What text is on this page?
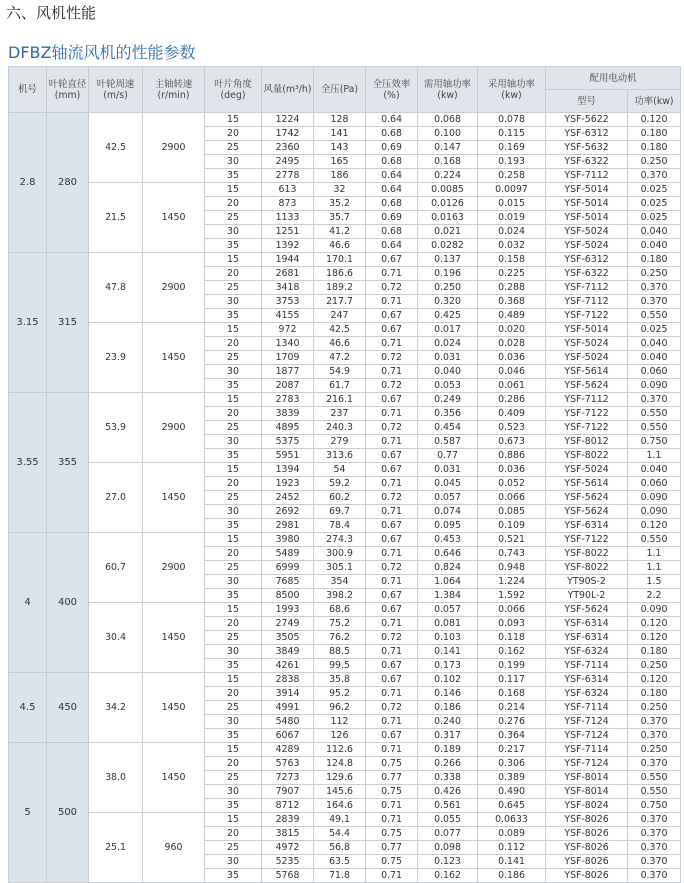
六、风机性能
DFBZ轴流风机的性能参数
机号	叶轮直径(mm)	叶轮周速(m/s)	主轴转速(r/min)	叶片角度(deg)	风量(m³/h)	全压(Pa)	全压效率(%)	需用轴功率(kw)	采用轴功率(kw)	配用电动机	
										型号	功率(kw)
2.8	280	42.5	2900	15	1224	128	0.64	0.068	0.078	YSF-5622	0.120
				20	1742	141	0.68	0.100	0.115	YSF-6312	0.180
				25	2360	143	0.69	0.147	0.169	YSF-5632	0.180
				30	2495	165	0.68	0.168	0.193	YSF-6322	0.250
				35	2778	186	0.64	0.224	0.258	YSF-7112	0.370
		21.5	1450	15	613	32	0.64	0.0085	0.0097	YSF-5014	0.025
				20	873	35.2	0.68	0.0126	0.015	YSF-5014	0.025
				25	1133	35.7	0.69	0.0163	0.019	YSF-5014	0.025
				30	1251	41.2	0.68	0.021	0.024	YSF-5024	0.040
				35	1392	46.6	0.64	0.0282	0.032	YSF-5024	0.040
3.15	315	47.8	2900	15	1944	170.1	0.67	0.137	0.158	YSF-6312	0.180
				20	2681	186.6	0.71	0.196	0.225	YSF-6322	0.250
				25	3418	189.2	0.72	0.250	0.288	YSF-7112	0.370
				30	3753	217.7	0.71	0.320	0.368	YSF-7112	0.370
				35	4155	247	0.67	0.425	0.489	YSF-7122	0.550
		23.9	1450	15	972	42.5	0.67	0.017	0.020	YSF-5014	0.025
				20	1340	46.6	0.71	0.024	0.028	YSF-5024	0.040
				25	1709	47.2	0.72	0.031	0.036	YSF-5024	0.040
				30	1877	54.9	0.71	0.040	0.046	YSF-5614	0.060
				35	2087	61.7	0.72	0.053	0.061	YSF-5624	0.090
3.55	355	53.9	2900	15	2783	216.1	0.67	0.249	0.286	YSF-7112	0.370
				20	3839	237	0.71	0.356	0.409	YSF-7122	0.550
				25	4895	240.3	0.72	0.454	0.523	YSF-7122	0.550
				30	5375	279	0.71	0.587	0.673	YSF-8012	0.750
				35	5951	313.6	0.67	0.77	0.886	YSF-8022	1.1
		27.0	1450	15	1394	54	0.67	0.031	0.036	YSF-5024	0.040
				20	1923	59.2	0.71	0.045	0.052	YSF-5614	0.060
				25	2452	60.2	0.72	0.057	0.066	YSF-5624	0.090
				30	2692	69.7	0.71	0.074	0.085	YSF-5624	0.090
				35	2981	78.4	0.67	0.095	0.109	YSF-6314	0.120
4	400	60.7	2900	15	3980	274.3	0.67	0.453	0.521	YSF-7122	0.550
				20	5489	300.9	0.71	0.646	0.743	YSF-8022	1.1
				25	6999	305.1	0.72	0.824	0.948	YSF-8022	1.1
				30	7685	354	0.71	1.064	1.224	YT90S-2	1.5
				35	8500	398.2	0.67	1.384	1.592	YT90L-2	2.2
		30.4	1450	15	1993	68.6	0.67	0.057	0.066	YSF-5624	0.090
				20	2749	75.2	0.71	0.081	0.093	YSF-6314	0.120
				25	3505	76.2	0.72	0.103	0.118	YSF-6314	0.120
				30	3849	88.5	0.71	0.141	0.162	YSF-6324	0.180
				35	4261	99.5	0.67	0.173	0.199	YSF-7114	0.250
4.5	450	34.2	1450	15	2838	35.8	0.67	0.102	0.117	YSF-6314	0.120
				20	3914	95.2	0.71	0.146	0.168	YSF-6324	0.180
				25	4991	96.2	0.72	0.186	0.214	YSF-7114	0.250
				30	5480	112	0.71	0.240	0.276	YSF-7124	0.370
				35	6067	126	0.67	0.317	0.364	YSF-7124	0.370
5	500	38.0	1450	15	4289	112.6	0.71	0.189	0.217	YSF-7114	0.250
				20	5763	124.8	0.75	0.266	0.306	YSF-7124	0.370
				25	7273	129.6	0.77	0.338	0.389	YSF-8014	0.550
				30	7907	145.6	0.75	0.426	0.490	YSF-8014	0.550
				35	8712	164.6	0.71	0.561	0.645	YSF-8024	0.750
		25.1	960	15	2839	49.1	0.71	0.055	0.0633	YSF-8026	0.370
				20	3815	54.4	0.75	0.077	0.089	YSF-8026	0.370
				25	4972	56.8	0.77	0.098	0.112	YSF-8026	0.370
				30	5235	63.5	0.75	0.123	0.141	YSF-8026	0.370
				35	5768	71.8	0.71	0.162	0.186	YSF-8026	0.370
